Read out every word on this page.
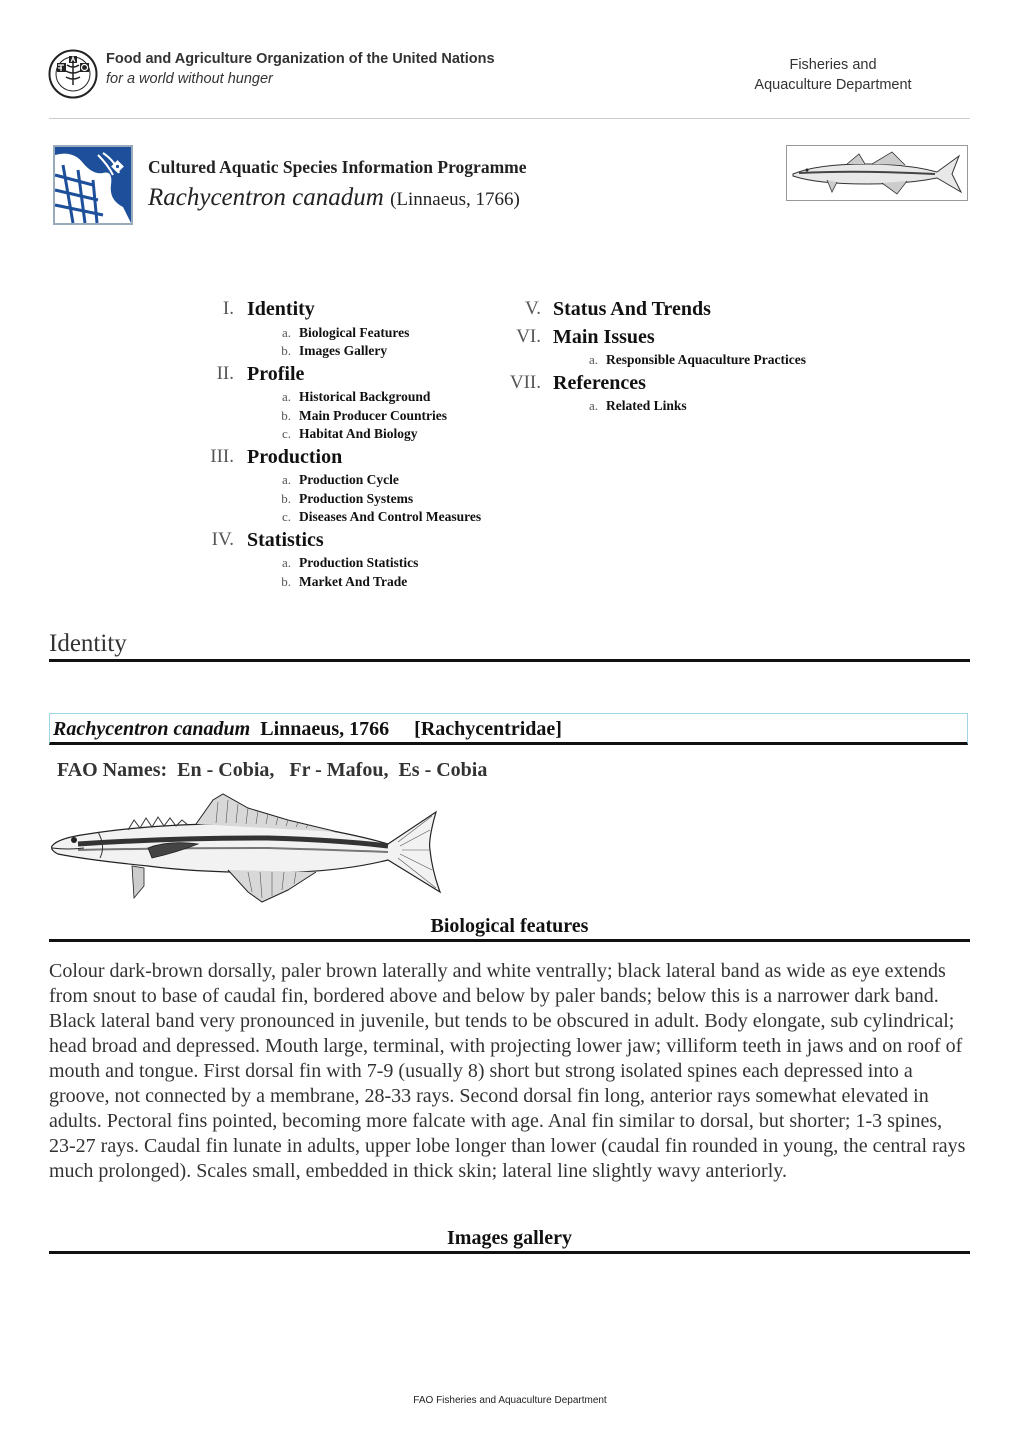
Food and Agriculture Organization of the United Nations
for a world without hunger
Fisheries and
Aquaculture Department
Cultured Aquatic Species Information Programme
Rachycentron canadum (Linnaeus, 1766)
I. Identity
a. Biological Features
b. Images Gallery
II. Profile
a. Historical Background
b. Main Producer Countries
c. Habitat And Biology
III. Production
a. Production Cycle
b. Production Systems
c. Diseases And Control Measures
IV. Statistics
a. Production Statistics
b. Market And Trade
V. Status And Trends
VI. Main Issues
a. Responsible Aquaculture Practices
VII. References
a. Related Links
Identity
Rachycentron canadum  Linnaeus, 1766     [Rachycentridae]
FAO Names:  En - Cobia,   Fr - Mafou,  Es - Cobia
Biological features
Colour dark-brown dorsally, paler brown laterally and white ventrally; black lateral band as wide as eye extends from snout to base of caudal fin, bordered above and below by paler bands; below this is a narrower dark band. Black lateral band very pronounced in juvenile, but tends to be obscured in adult. Body elongate, sub cylindrical; head broad and depressed. Mouth large, terminal, with projecting lower jaw; villiform teeth in jaws and on roof of mouth and tongue. First dorsal fin with 7-9 (usually 8) short but strong isolated spines each depressed into a groove, not connected by a membrane, 28-33 rays. Second dorsal fin long, anterior rays somewhat elevated in adults. Pectoral fins pointed, becoming more falcate with age. Anal fin similar to dorsal, but shorter; 1-3 spines, 23-27 rays. Caudal fin lunate in adults, upper lobe longer than lower (caudal fin rounded in young, the central rays much prolonged). Scales small, embedded in thick skin; lateral line slightly wavy anteriorly.
Images gallery
FAO Fisheries and Aquaculture Department
